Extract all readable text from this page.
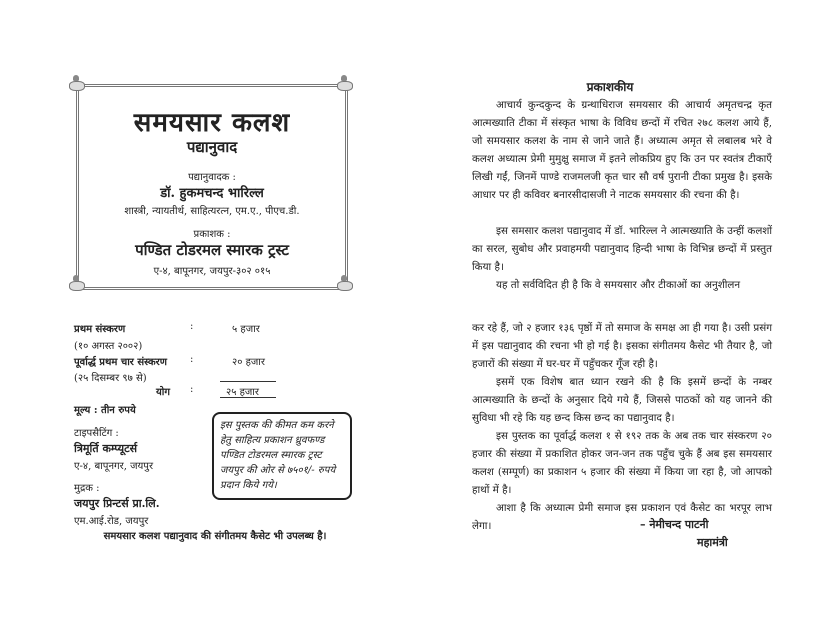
समयसार कलश
पद्यानुवाद
पद्यानुवादक :
डॉ. हुकमचन्द भारिल्ल
शास्त्री, न्यायतीर्थ, साहित्यरत्न, एम.ए., पीएच.डी.
प्रकाशक :
पण्डित टोडरमल स्मारक ट्रस्ट
ए-४, बापूनगर, जयपुर-३०२ ०१५
प्रथम संस्करण	:	५ हजार
(१० अगस्त २००२)
पूर्वार्द्ध प्रथम चार संस्करण :	२० हजार
(२५ दिसम्बर ९७ से)
योग :	२५ हजार
मूल्य : तीन रुपये
टाइपसैटिंग :
त्रिमूर्ति कम्प्यूटर्स
ए-४, बापूनगर, जयपुर
मुद्रक :
जयपुर प्रिन्टर्स प्रा.लि.
एम.आई.रोड, जयपुर
इस पुस्तक की कीमत कम करने हेतु साहित्य प्रकाशन ध्रुवफण्ड पण्डित टोडरमल स्मारक ट्रस्ट जयपुर की ओर से ७५०१/- रुपये प्रदान किये गये।
समयसार कलश पद्यानुवाद की संगीतमय कैसेट भी उपलब्ध है।
प्रकाशकीय
आचार्य कुन्दकुन्द के ग्रन्थाधिराज समयसार की आचार्य अमृतचन्द्र कृत आत्मख्याति टीका में संस्कृत भाषा के विविध छन्दों में रचित २७८ कलश आये हैं, जो समयसार कलश के नाम से जाने जाते हैं। अध्यात्म अमृत से लबालब भरे वे कलश अध्यात्म प्रेमी मुमुक्षु समाज में इतने लोकप्रिय हुए कि उन पर स्वतंत्र टीकाएँ लिखी गईं, जिनमें पाण्डे राजमलजी कृत चार सौ वर्ष पुरानी टीका प्रमुख है। इसके आधार पर ही कविवर बनारसीदासजी ने नाटक समयसार की रचना की है।
इस समसार कलश पद्यानुवाद में डॉ. भारिल्ल ने आत्मख्याति के उन्हीं कलशों का सरल, सुबोध और प्रवाहमयी पद्यानुवाद हिन्दी भाषा के विभिन्न छन्दों में प्रस्तुत किया है।
यह तो सर्वविदित ही है कि वे समयसार और टीकाओं का अनुशीलन
कर रहे हैं, जो २ हजार १३६ पृष्ठों में तो समाज के समक्ष आ ही गया है। उसी प्रसंग में इस पद्यानुवाद की रचना भी हो गई है। इसका संगीतमय कैसेट भी तैयार है, जो हजारों की संख्या में घर-घर में पहुँचकर गूँज रही है।
इसमें एक विशेष बात ध्यान रखने की है कि इसमें छन्दों के नम्बर आत्मख्याति के छन्दों के अनुसार दिये गये हैं, जिससे पाठकों को यह जानने की सुविधा भी रहे कि यह छन्द किस छन्द का पद्यानुवाद है।
इस पुस्तक का पूर्वार्द्ध कलश १ से १९२ तक के अब तक चार संस्करण २० हजार की संख्या में प्रकाशित होकर जन-जन तक पहुँच चुके हैं अब इस समयसार कलश (सम्पूर्ण) का प्रकाशन ५ हजार की संख्या में किया जा रहा है, जो आपको हाथों में है।
आशा है कि अध्यात्म प्रेमी समाज इस प्रकाशन एवं कैसेट का भरपूर लाभ लेगा।	– नेमीचन्द पाटनी
महामंत्री
